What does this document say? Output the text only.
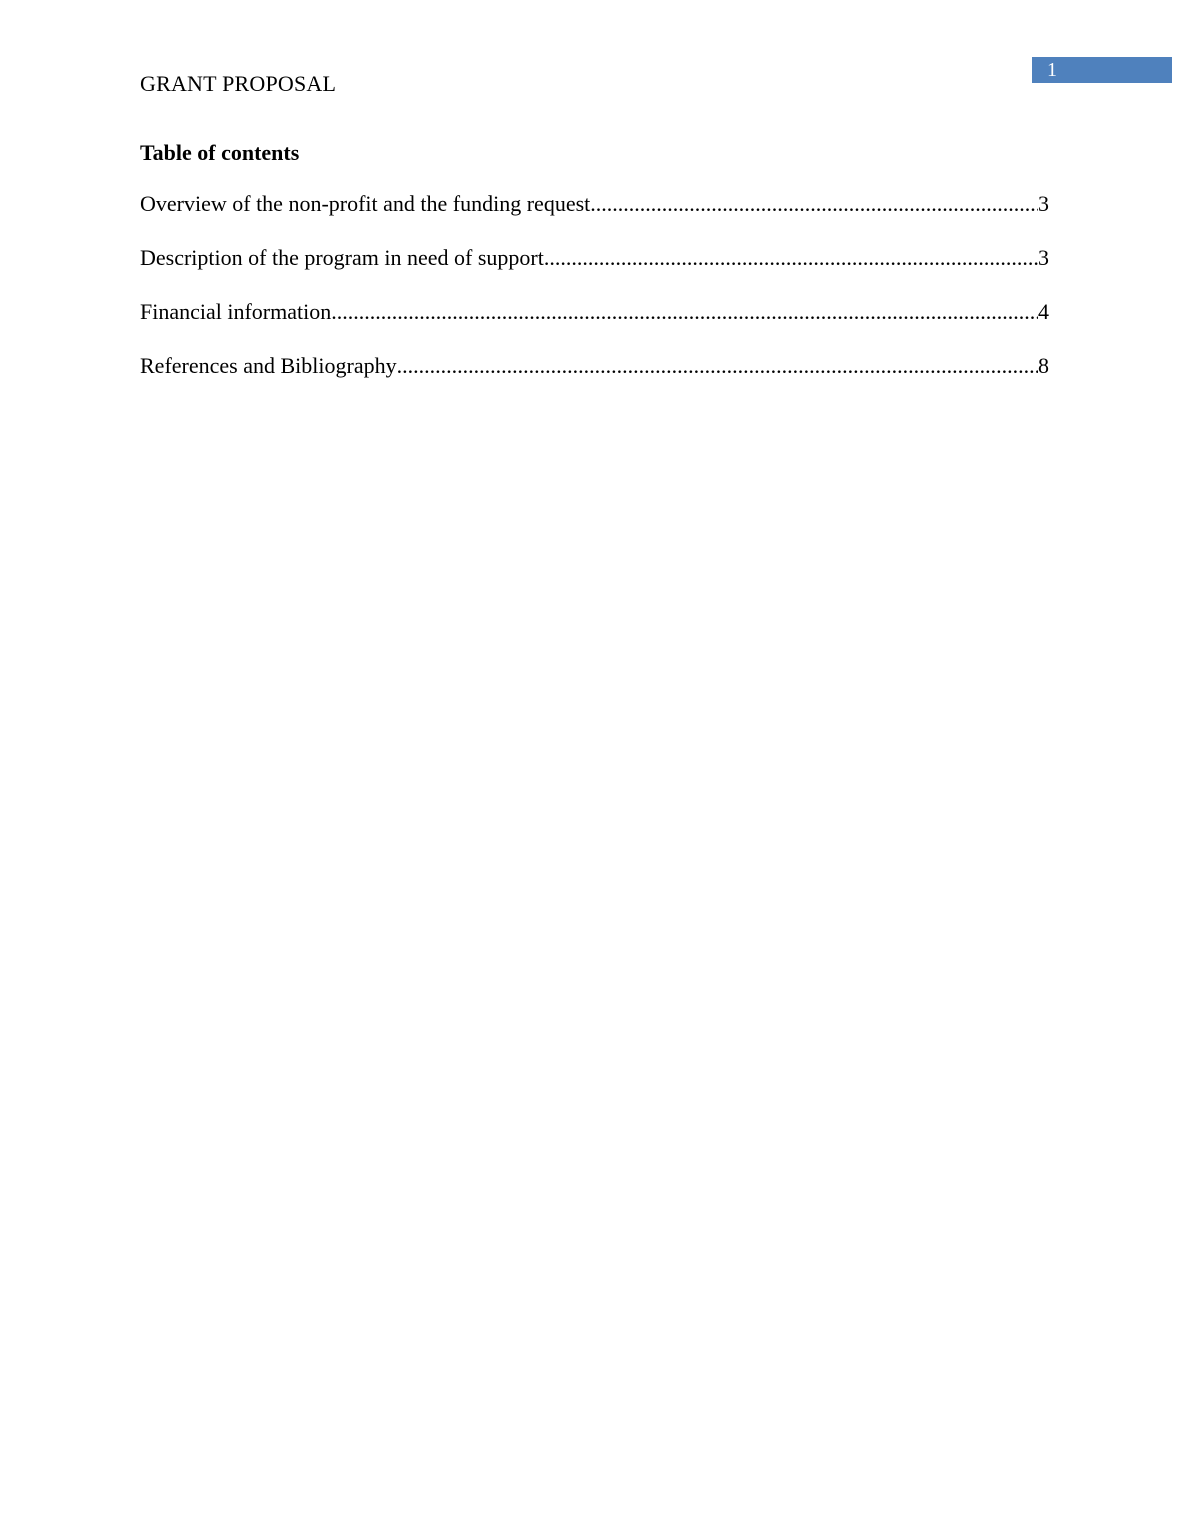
GRANT PROPOSAL
1
Table of contents
Overview of the non-profit and the funding request .....	3
Description of the program in need of support .....	3
Financial information .....	4
References and Bibliography .....	8
